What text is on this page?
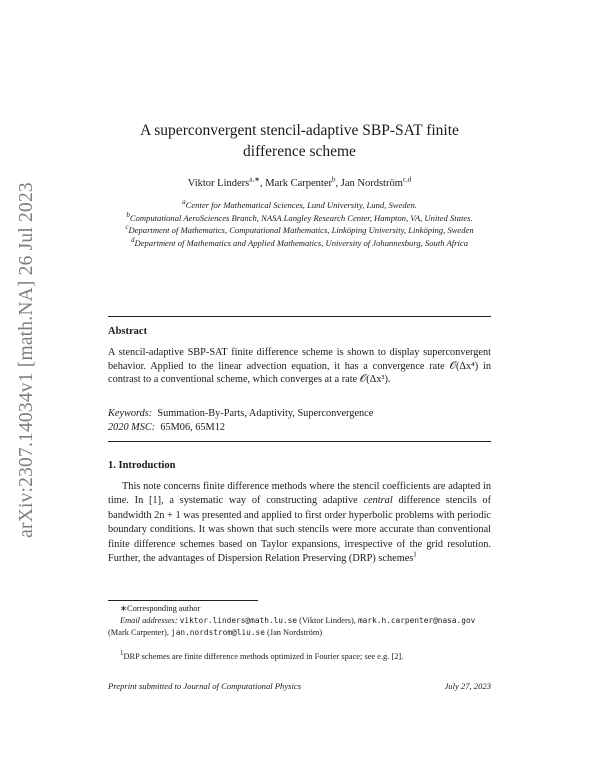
arXiv:2307.14034v1 [math.NA] 26 Jul 2023
A superconvergent stencil-adaptive SBP-SAT finite
difference scheme
Viktor Linders$^{a,∗}$, Mark Carpenter$^b$, Jan Nordström$^{c,d}$
$^a$Center for Mathematical Sciences, Lund University, Lund, Sweden.
$^b$Computational AeroSciences Branch, NASA Langley Research Center, Hampton, VA, United States.
$^c$Department of Mathematics, Computational Mathematics, Linköping University, Linköping, Sweden
$^d$Department of Mathematics and Applied Mathematics, University of Johannesburg, South Africa
Abstract
A stencil-adaptive SBP-SAT finite difference scheme is shown to display superconvergent behavior. Applied to the linear advection equation, it has a convergence rate 𝒪(Δx⁴) in contrast to a conventional scheme, which converges at a rate 𝒪(Δx³).
Keywords: Summation-By-Parts, Adaptivity, Superconvergence
2020 MSC: 65M06, 65M12
1. Introduction
This note concerns finite difference methods where the stencil coefficients are adapted in time. In [1], a systematic way of constructing adaptive central difference stencils of bandwidth 2n + 1 was presented and applied to first order hyperbolic problems with periodic boundary conditions. It was shown that such stencils were more accurate than conventional finite difference schemes based on Taylor expansions, irrespective of the grid resolution. Further, the advantages of Dispersion Relation Preserving (DRP) schemes$^1$
∗Corresponding author
Email addresses: viktor.linders@math.lu.se (Viktor Linders), mark.h.carpenter@nasa.gov (Mark Carpenter), jan.nordstrom@liu.se (Jan Nordström)
$^1$DRP schemes are finite difference methods optimized in Fourier space; see e.g. [2].
Preprint submitted to Journal of Computational Physics	July 27, 2023
